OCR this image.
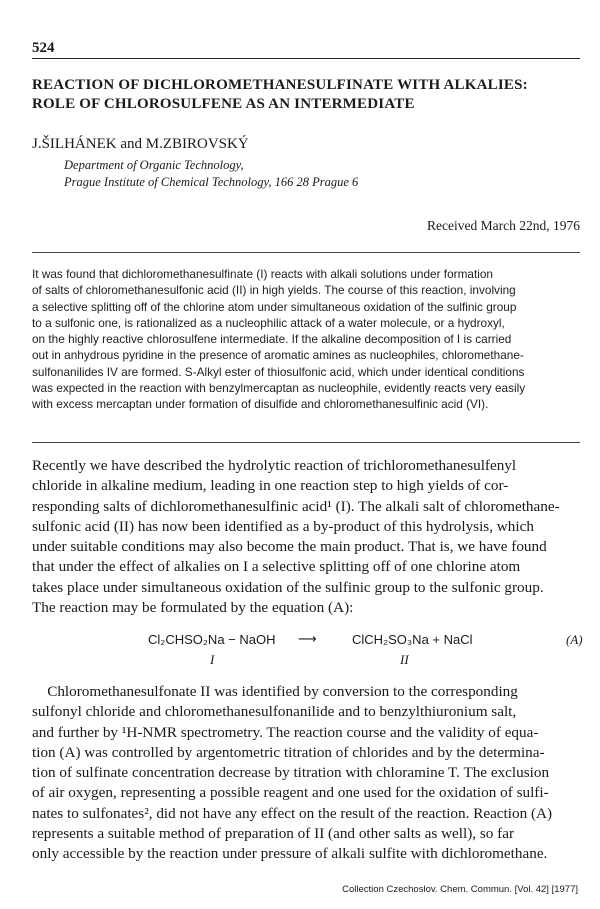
524
REACTION OF DICHLOROMETHANESULFINATE WITH ALKALIES:
ROLE OF CHLOROSULFENE AS AN INTERMEDIATE
J.ŠILHÁNEK and M.ZBIROVSKÝ
Department of Organic Technology,
Prague Institute of Chemical Technology, 166 28 Prague 6
Received March 22nd, 1976
It was found that dichloromethanesulfinate (I) reacts with alkali solutions under formation
of salts of chloromethanesulfonic acid (II) in high yields. The course of this reaction, involving
a selective splitting off of the chlorine atom under simultaneous oxidation of the sulfinic group
to a sulfonic one, is rationalized as a nucleophilic attack of a water molecule, or a hydroxyl,
on the highly reactive chlorosulfene intermediate. If the alkaline decomposition of I is carried
out in anhydrous pyridine in the presence of aromatic amines as nucleophiles, chloromethane-
sulfonanilides IV are formed. S-Alkyl ester of thiosulfonic acid, which under identical conditions
was expected in the reaction with benzylmercaptan as nucleophile, evidently reacts very easily
with excess mercaptan under formation of disulfide and chloromethanesulfinic acid (VI).
Recently we have described the hydrolytic reaction of trichloromethanesulfenyl
chloride in alkaline medium, leading in one reaction step to high yields of cor-
responding salts of dichloromethanesulfinic acid¹ (I). The alkali salt of chloromethane-
sulfonic acid (II) has now been identified as a by-product of this hydrolysis, which
under suitable conditions may also become the main product. That is, we have found
that under the effect of alkalies on I a selective splitting off of one chlorine atom
takes place under simultaneous oxidation of the sulfinic group to the sulfonic group.
The reaction may be formulated by the equation (A):
Cl₂CHSO₂Na − NaOH ⟶	ClCH₂SO₃Na + NaCl	(A)
I	II
Chloromethanesulfonate II was identified by conversion to the corresponding
sulfonyl chloride and chloromethanesulfonanilide and to benzylthiuronium salt,
and further by ¹H-NMR spectrometry. The reaction course and the validity of equa-
tion (A) was controlled by argentometric titration of chlorides and by the determina-
tion of sulfinate concentration decrease by titration with chloramine T. The exclusion
of air oxygen, representing a possible reagent and one used for the oxidation of sulfi-
nates to sulfonates², did not have any effect on the result of the reaction. Reaction (A)
represents a suitable method of preparation of II (and other salts as well), so far
only accessible by the reaction under pressure of alkali sulfite with dichloromethane.
Collection Czechoslov. Chem. Commun. [Vol. 42] [1977]
